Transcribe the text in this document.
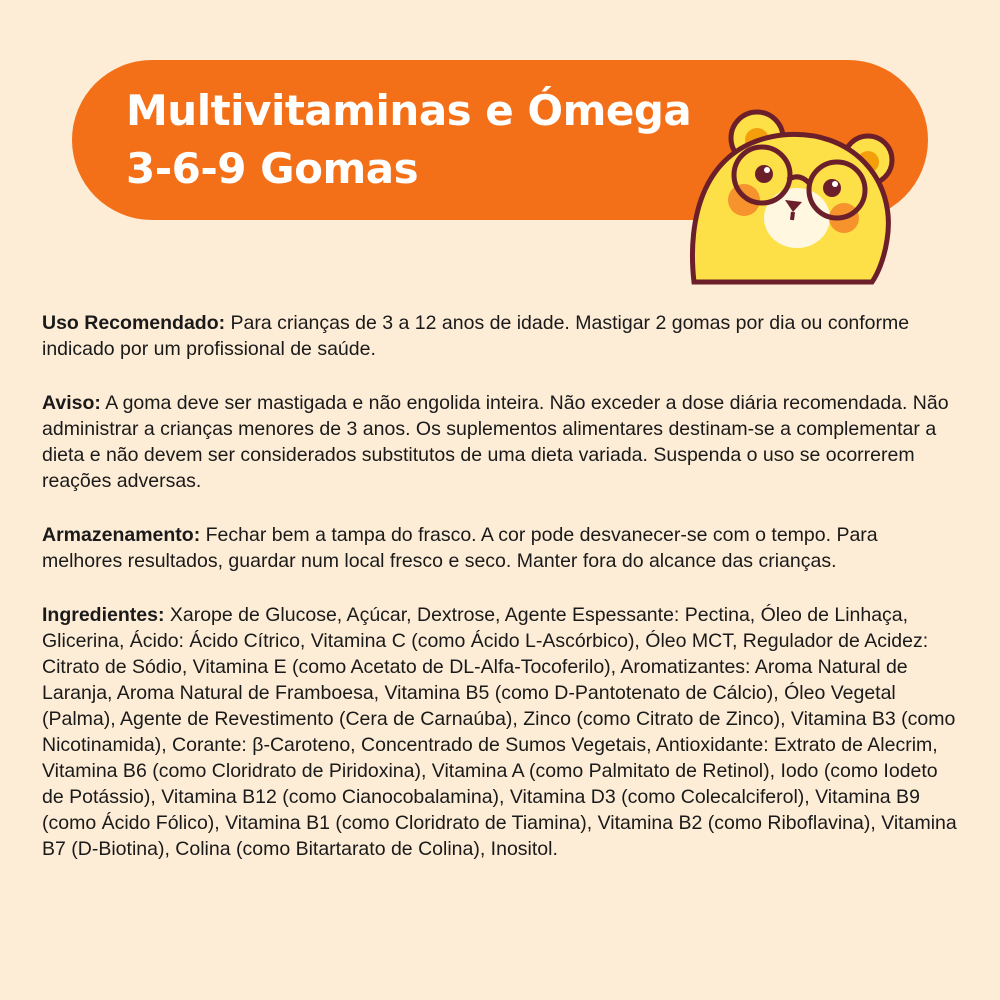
Multivitaminas e Ómega
3-6-9 Gomas

Uso Recomendado: Para crianças de 3 a 12 anos de idade. Mastigar 2 gomas por dia ou conforme indicado por um profissional de saúde.

Aviso: A goma deve ser mastigada e não engolida inteira. Não exceder a dose diária recomendada. Não administrar a crianças menores de 3 anos. Os suplementos alimentares destinam-se a complementar a dieta e não devem ser considerados substitutos de uma dieta variada. Suspenda o uso se ocorrerem reações adversas.

Armazenamento: Fechar bem a tampa do frasco. A cor pode desvanecer-se com o tempo. Para melhores resultados, guardar num local fresco e seco. Manter fora do alcance das crianças.

Ingredientes: Xarope de Glucose, Açúcar, Dextrose, Agente Espessante: Pectina, Óleo de Linhaça, Glicerina, Ácido: Ácido Cítrico, Vitamina C (como Ácido L-Ascórbico), Óleo MCT, Regulador de Acidez: Citrato de Sódio, Vitamina E (como Acetato de DL-Alfa-Tocoferilo), Aromatizantes: Aroma Natural de Laranja, Aroma Natural de Framboesa, Vitamina B5 (como D-Pantotenato de Cálcio), Óleo Vegetal (Palma), Agente de Revestimento (Cera de Carnaúba), Zinco (como Citrato de Zinco), Vitamina B3 (como Nicotinamida), Corante: β-Caroteno, Concentrado de Sumos Vegetais, Antioxidante: Extrato de Alecrim, Vitamina B6 (como Cloridrato de Piridoxina), Vitamina A (como Palmitato de Retinol), Iodo (como Iodeto de Potássio), Vitamina B12 (como Cianocobalamina), Vitamina D3 (como Colecalciferol), Vitamina B9 (como Ácido Fólico), Vitamina B1 (como Cloridrato de Tiamina), Vitamina B2 (como Riboflavina), Vitamina B7 (D-Biotina), Colina (como Bitartarato de Colina), Inositol.
